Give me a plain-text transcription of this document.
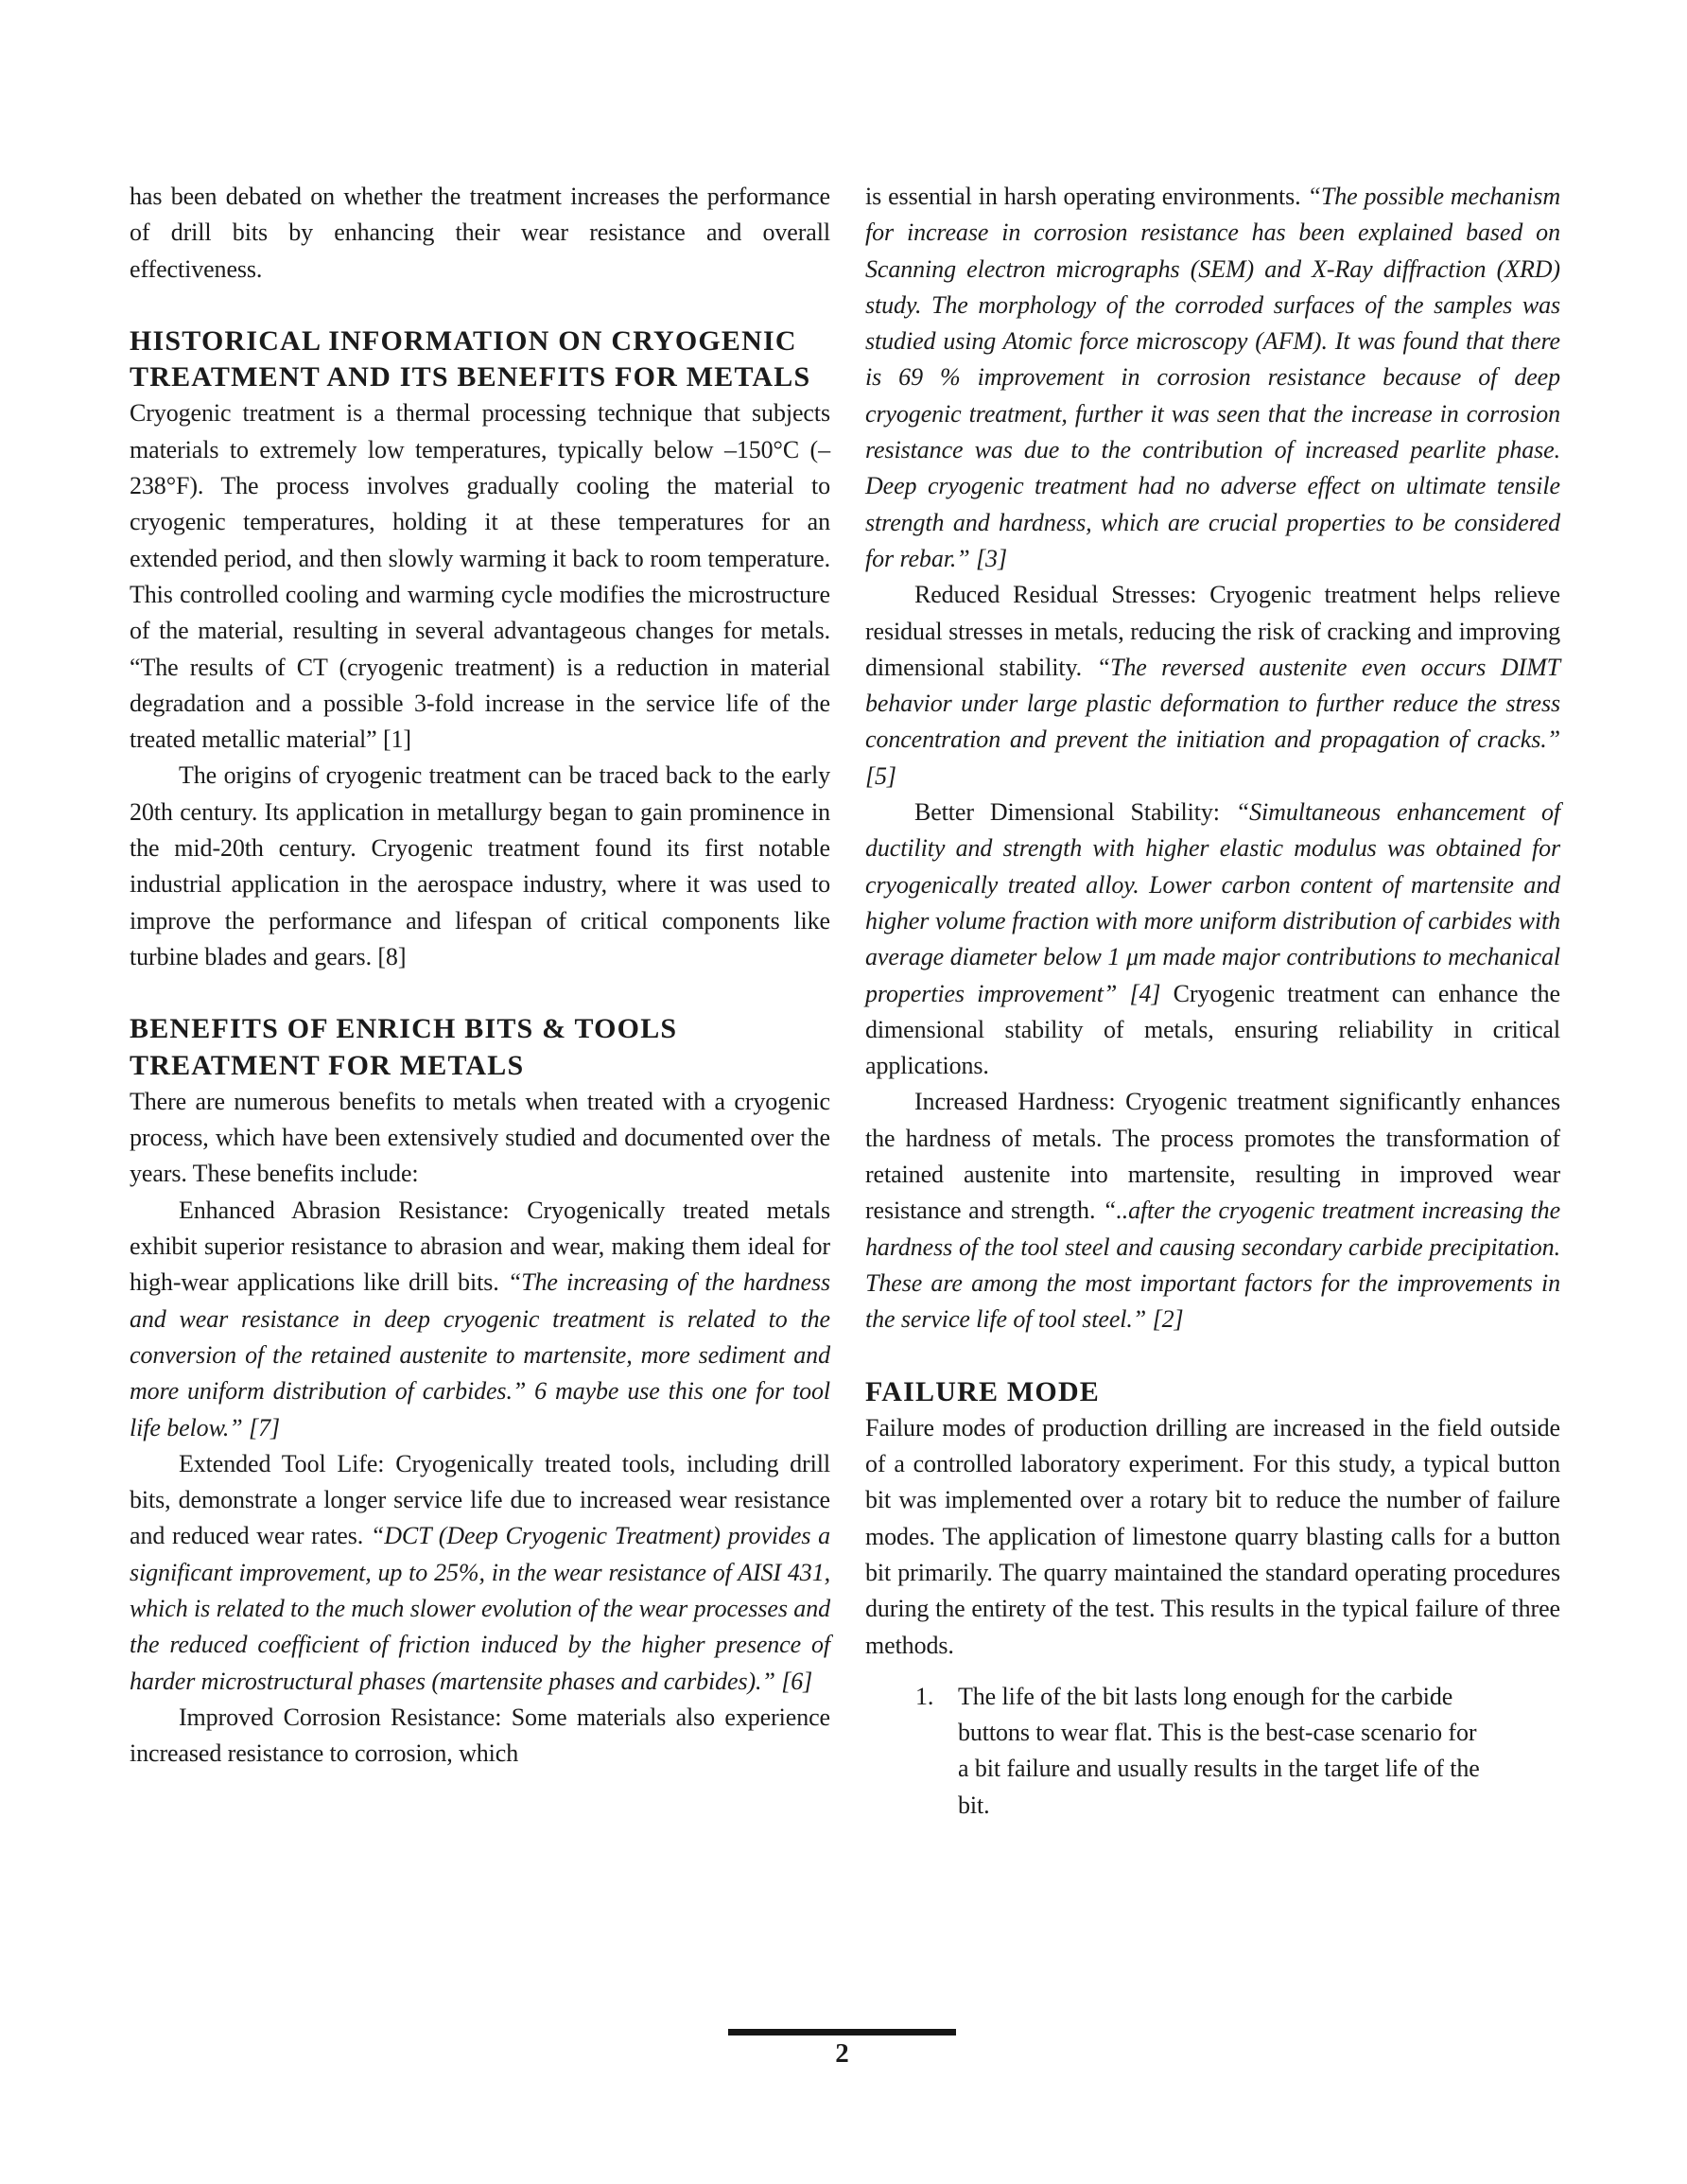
has been debated on whether the treatment increases the performance of drill bits by enhancing their wear resistance and overall effectiveness.

HISTORICAL INFORMATION ON CRYOGENIC TREATMENT AND ITS BENEFITS FOR METALS

Cryogenic treatment is a thermal processing technique that subjects materials to extremely low temperatures, typically below –150°C (–238°F). The process involves gradually cooling the material to cryogenic temperatures, holding it at these temperatures for an extended period, and then slowly warming it back to room temperature. This controlled cooling and warming cycle modifies the microstructure of the material, resulting in several advantageous changes for metals. “The results of CT (cryogenic treatment) is a reduction in material degradation and a possible 3-fold increase in the service life of the treated metallic material” [1]

The origins of cryogenic treatment can be traced back to the early 20th century. Its application in metallurgy began to gain prominence in the mid-20th century. Cryogenic treatment found its first notable industrial application in the aerospace industry, where it was used to improve the performance and lifespan of critical components like turbine blades and gears. [8]

BENEFITS OF ENRICH BITS & TOOLS TREATMENT FOR METALS

There are numerous benefits to metals when treated with a cryogenic process, which have been extensively studied and documented over the years. These benefits include:

Enhanced Abrasion Resistance: Cryogenically treated metals exhibit superior resistance to abrasion and wear, making them ideal for high-wear applications like drill bits. “The increasing of the hardness and wear resistance in deep cryogenic treatment is related to the conversion of the retained austenite to martensite, more sediment and more uniform distribution of carbides.” 6 maybe use this one for tool life below.” [7]

Extended Tool Life: Cryogenically treated tools, including drill bits, demonstrate a longer service life due to increased wear resistance and reduced wear rates. “DCT (Deep Cryogenic Treatment) provides a significant improvement, up to 25%, in the wear resistance of AISI 431, which is related to the much slower evolution of the wear processes and the reduced coefficient of friction induced by the higher presence of harder microstructural phases (martensite phases and carbides).” [6]

Improved Corrosion Resistance: Some materials also experience increased resistance to corrosion, which

is essential in harsh operating environments. “The possible mechanism for increase in corrosion resistance has been explained based on Scanning electron micrographs (SEM) and X-Ray diffraction (XRD) study. The morphology of the corroded surfaces of the samples was studied using Atomic force microscopy (AFM). It was found that there is 69 % improvement in corrosion resistance because of deep cryogenic treatment, further it was seen that the increase in corrosion resistance was due to the contribution of increased pearlite phase. Deep cryogenic treatment had no adverse effect on ultimate tensile strength and hardness, which are crucial properties to be considered for rebar.” [3]

Reduced Residual Stresses: Cryogenic treatment helps relieve residual stresses in metals, reducing the risk of cracking and improving dimensional stability. “The reversed austenite even occurs DIMT behavior under large plastic deformation to further reduce the stress concentration and prevent the initiation and propagation of cracks.” [5]

Better Dimensional Stability: “Simultaneous enhancement of ductility and strength with higher elastic modulus was obtained for cryogenically treated alloy. Lower carbon content of martensite and higher volume fraction with more uniform distribution of carbides with average diameter below 1 μm made major contributions to mechanical properties improvement” [4] Cryogenic treatment can enhance the dimensional stability of metals, ensuring reliability in critical applications.

Increased Hardness: Cryogenic treatment significantly enhances the hardness of metals. The process promotes the transformation of retained austenite into martensite, resulting in improved wear resistance and strength. “..after the cryogenic treatment increasing the hardness of the tool steel and causing secondary carbide precipitation. These are among the most important factors for the improvements in the service life of tool steel.” [2]

FAILURE MODE

Failure modes of production drilling are increased in the field outside of a controlled laboratory experiment. For this study, a typical button bit was implemented over a rotary bit to reduce the number of failure modes. The application of limestone quarry blasting calls for a button bit primarily. The quarry maintained the standard operating procedures during the entirety of the test. This results in the typical failure of three methods.

1. The life of the bit lasts long enough for the carbide buttons to wear flat. This is the best-case scenario for a bit failure and usually results in the target life of the bit.
2
